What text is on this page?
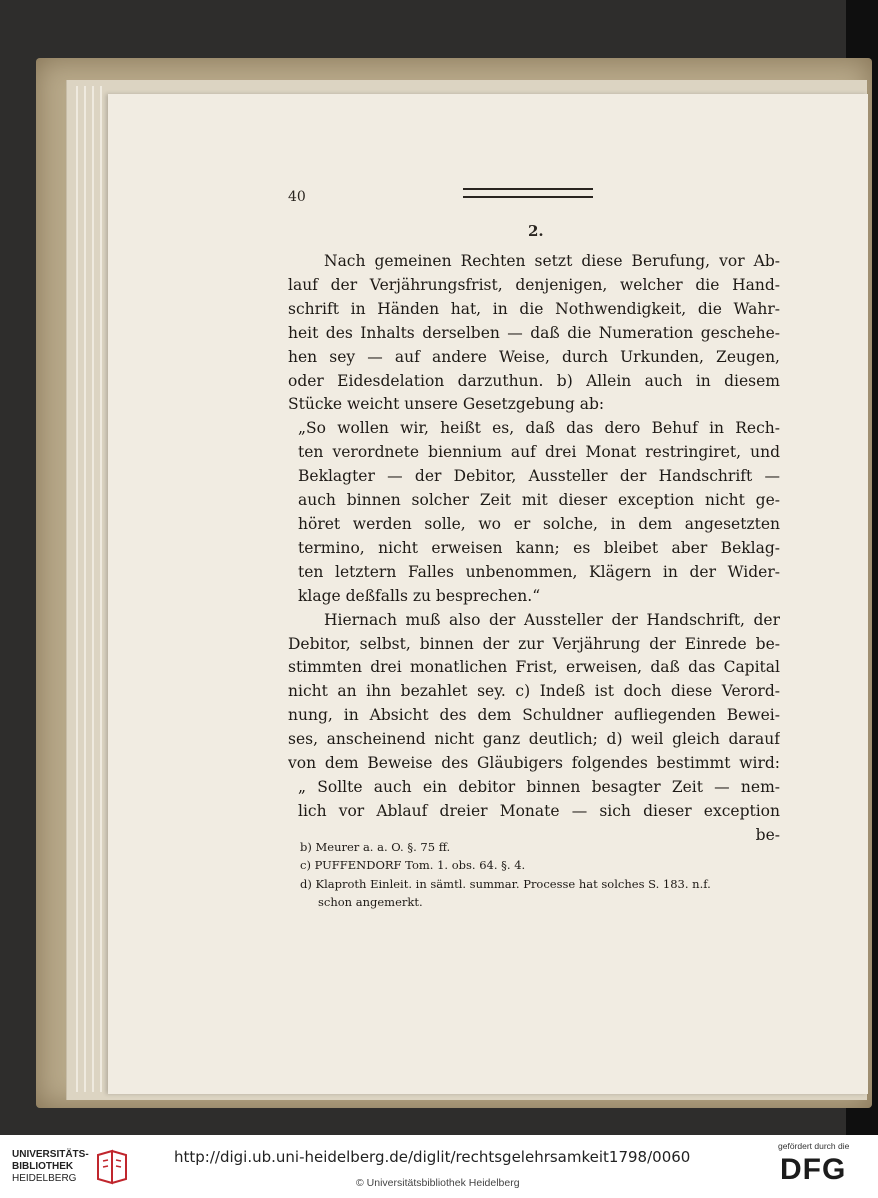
40
2.
Nach gemeinen Rechten setzt diese Berufung, vor Ab-
lauf der Verjährungsfrist, denjenigen, welcher die Hand-
schrift in Händen hat, in die Nothwendigkeit, die Wahr-
heit des Inhalts derselben — daß die Numeration geschehe-
hen sey — auf andere Weise, durch Urkunden, Zeugen,
oder Eidesdelation darzuthun. b) Allein auch in diesem
Stücke weicht unsere Gesetzgebung ab:
„So wollen wir, heißt es, daß das dero Behuf in Rech-
ten verordnete biennium auf drei Monat restringiret, und
Beklagter — der Debitor, Aussteller der Handschrift —
auch binnen solcher Zeit mit dieser exception nicht ge-
höret werden solle, wo er solche, in dem angesetzten
termino, nicht erweisen kann; es bleibet aber Beklag-
ten letztern Falles unbenommen, Klägern in der Wider-
klage deßfalls zu besprechen.“
Hiernach muß also der Aussteller der Handschrift, der
Debitor, selbst, binnen der zur Verjährung der Einrede be-
stimmten drei monatlichen Frist, erweisen, daß das Capital
nicht an ihn bezahlet sey. c) Indeß ist doch diese Verord-
nung, in Absicht des dem Schuldner aufliegenden Bewei-
ses, anscheinend nicht ganz deutlich; d) weil gleich darauf
von dem Beweise des Gläubigers folgendes bestimmt wird:
„ Sollte auch ein debitor binnen besagter Zeit — nem-
lich vor Ablauf dreier Monate — sich dieser exception
be-
b) Meurer a. a. O. §. 75 ff.
c) PUFFENDORF Tom. 1. obs. 64. §. 4.
d) Klaproth Einleit. in sämtl. summar. Processe hat solches S. 183. n.f.
schon angemerkt.
UNIVERSITÄTS-
BIBLIOTHEK
HEIDELBERG
http://digi.ub.uni-heidelberg.de/diglit/rechtsgelehrsamkeit1798/0060
© Universitätsbibliothek Heidelberg
gefördert durch die
DFG
